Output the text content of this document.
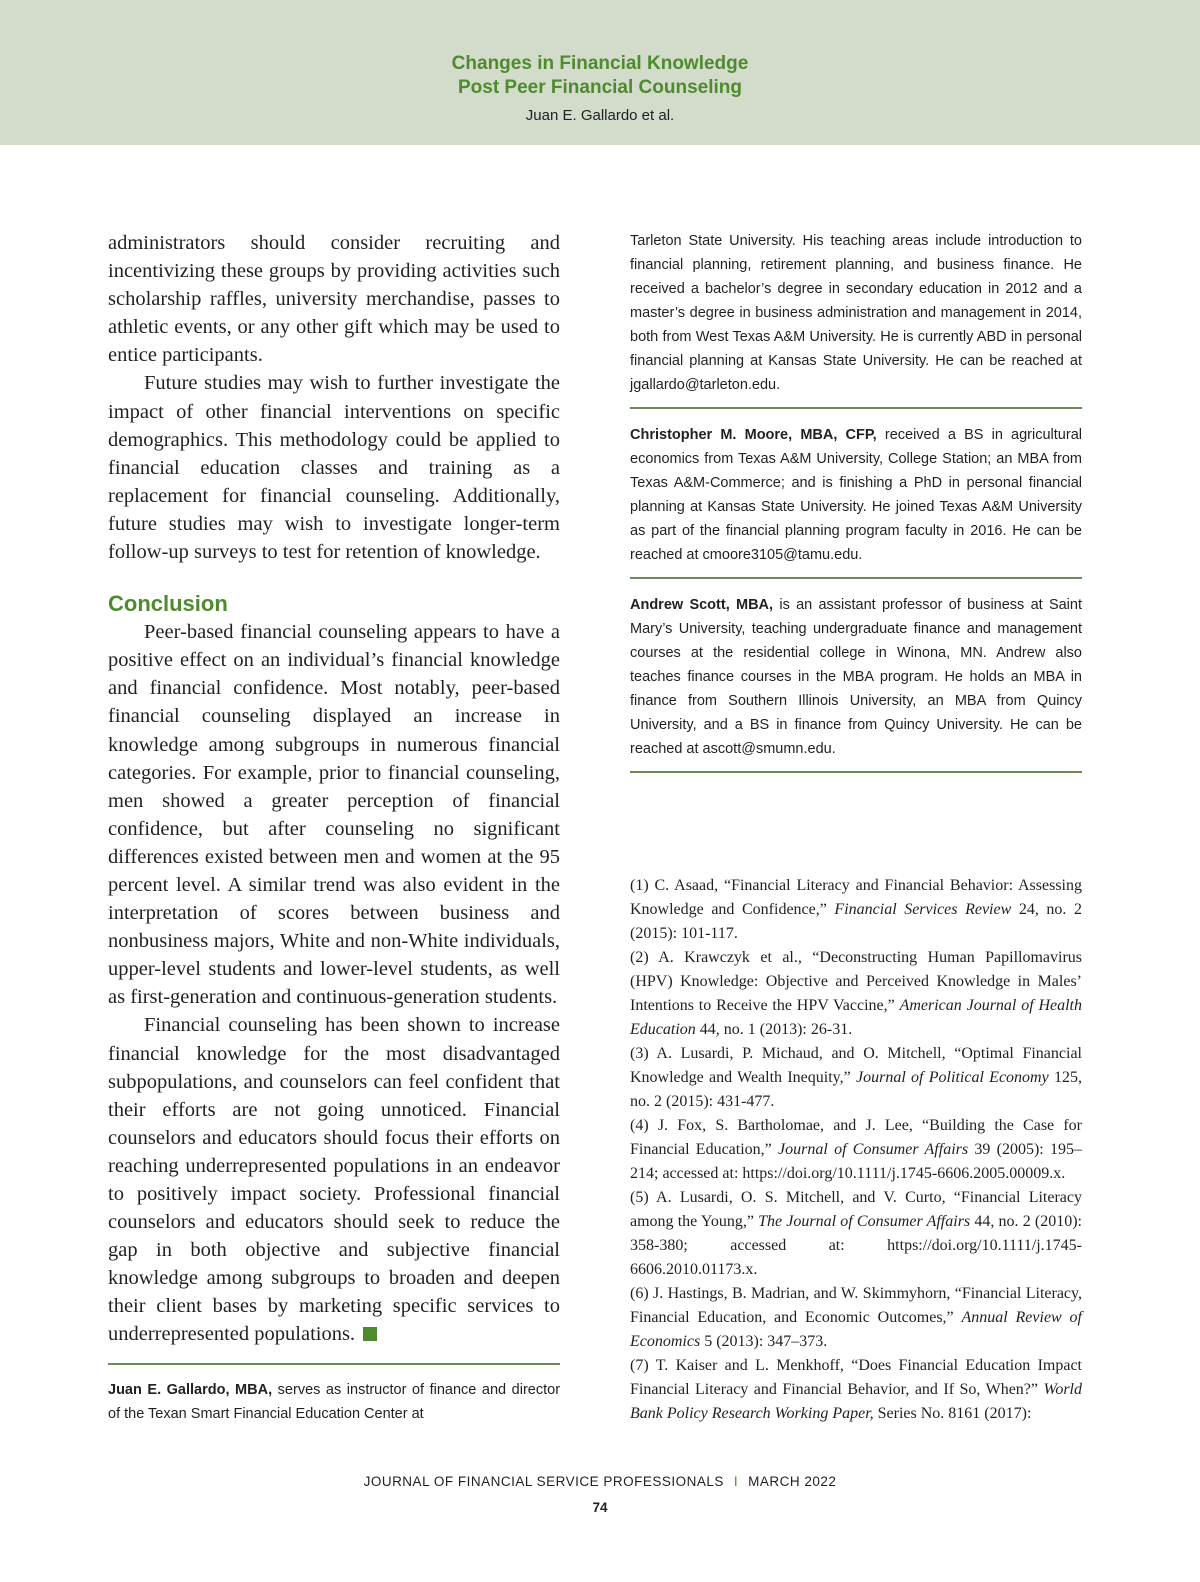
Changes in Financial Knowledge
Post Peer Financial Counseling
Juan E. Gallardo et al.

administrators should consider recruiting and incentivizing these groups by providing activities such scholarship raffles, university merchandise, passes to athletic events, or any other gift which may be used to entice participants.

Future studies may wish to further investigate the impact of other financial interventions on specific demographics. This methodology could be applied to financial education classes and training as a replacement for financial counseling. Additionally, future studies may wish to investigate longer-term follow-up surveys to test for retention of knowledge.

Conclusion

Peer-based financial counseling appears to have a positive effect on an individual’s financial knowledge and financial confidence. Most notably, peer-based financial counseling displayed an increase in knowledge among subgroups in numerous financial categories. For example, prior to financial counseling, men showed a greater perception of financial confidence, but after counseling no significant differences existed between men and women at the 95 percent level. A similar trend was also evident in the interpretation of scores between business and nonbusiness majors, White and non-White individuals, upper-level students and lower-level students, as well as first-generation and continuous-generation students.

Financial counseling has been shown to increase financial knowledge for the most disadvantaged subpopulations, and counselors can feel confident that their efforts are not going unnoticed. Financial counselors and educators should focus their efforts on reaching underrepresented populations in an endeavor to positively impact society. Professional financial counselors and educators should seek to reduce the gap in both objective and subjective financial knowledge among subgroups to broaden and deepen their client bases by marketing specific services to underrepresented populations.

Juan E. Gallardo, MBA, serves as instructor of finance and director of the Texan Smart Financial Education Center at

Tarleton State University. His teaching areas include introduction to financial planning, retirement planning, and business finance. He received a bachelor’s degree in secondary education in 2012 and a master’s degree in business administration and management in 2014, both from West Texas A&M University. He is currently ABD in personal financial planning at Kansas State University. He can be reached at jgallardo@tarleton.edu.

Christopher M. Moore, MBA, CFP, received a BS in agricultural economics from Texas A&M University, College Station; an MBA from Texas A&M-Commerce; and is finishing a PhD in personal financial planning at Kansas State University. He joined Texas A&M University as part of the financial planning program faculty in 2016. He can be reached at cmoore3105@tamu.edu.

Andrew Scott, MBA, is an assistant professor of business at Saint Mary’s University, teaching undergraduate finance and management courses at the residential college in Winona, MN. Andrew also teaches finance courses in the MBA program. He holds an MBA in finance from Southern Illinois University, an MBA from Quincy University, and a BS in finance from Quincy University. He can be reached at ascott@smumn.edu.

(1) C. Asaad, “Financial Literacy and Financial Behavior: Assessing Knowledge and Confidence,” Financial Services Review 24, no. 2 (2015): 101-117.

(2) A. Krawczyk et al., “Deconstructing Human Papillomavirus (HPV) Knowledge: Objective and Perceived Knowledge in Males’ Intentions to Receive the HPV Vaccine,” American Journal of Health Education 44, no. 1 (2013): 26-31.

(3) A. Lusardi, P. Michaud, and O. Mitchell, “Optimal Financial Knowledge and Wealth Inequity,” Journal of Political Economy 125, no. 2 (2015): 431-477.

(4) J. Fox, S. Bartholomae, and J. Lee, “Building the Case for Financial Education,” Journal of Consumer Affairs 39 (2005): 195–214; accessed at: https://doi.org/10.1111/j.1745-6606.2005.00009.x.

(5) A. Lusardi, O. S. Mitchell, and V. Curto, “Financial Literacy among the Young,” The Journal of Consumer Affairs 44, no. 2 (2010): 358-380; accessed at: https://doi.org/10.1111/j.1745-6606.2010.01173.x.

(6) J. Hastings, B. Madrian, and W. Skimmyhorn, “Financial Literacy, Financial Education, and Economic Outcomes,” Annual Review of Economics 5 (2013): 347–373.

(7) T. Kaiser and L. Menkhoff, “Does Financial Education Impact Financial Literacy and Financial Behavior, and If So, When?” World Bank Policy Research Working Paper, Series No. 8161 (2017):

JOURNAL OF FINANCIAL SERVICE PROFESSIONALS I MARCH 2022
74
